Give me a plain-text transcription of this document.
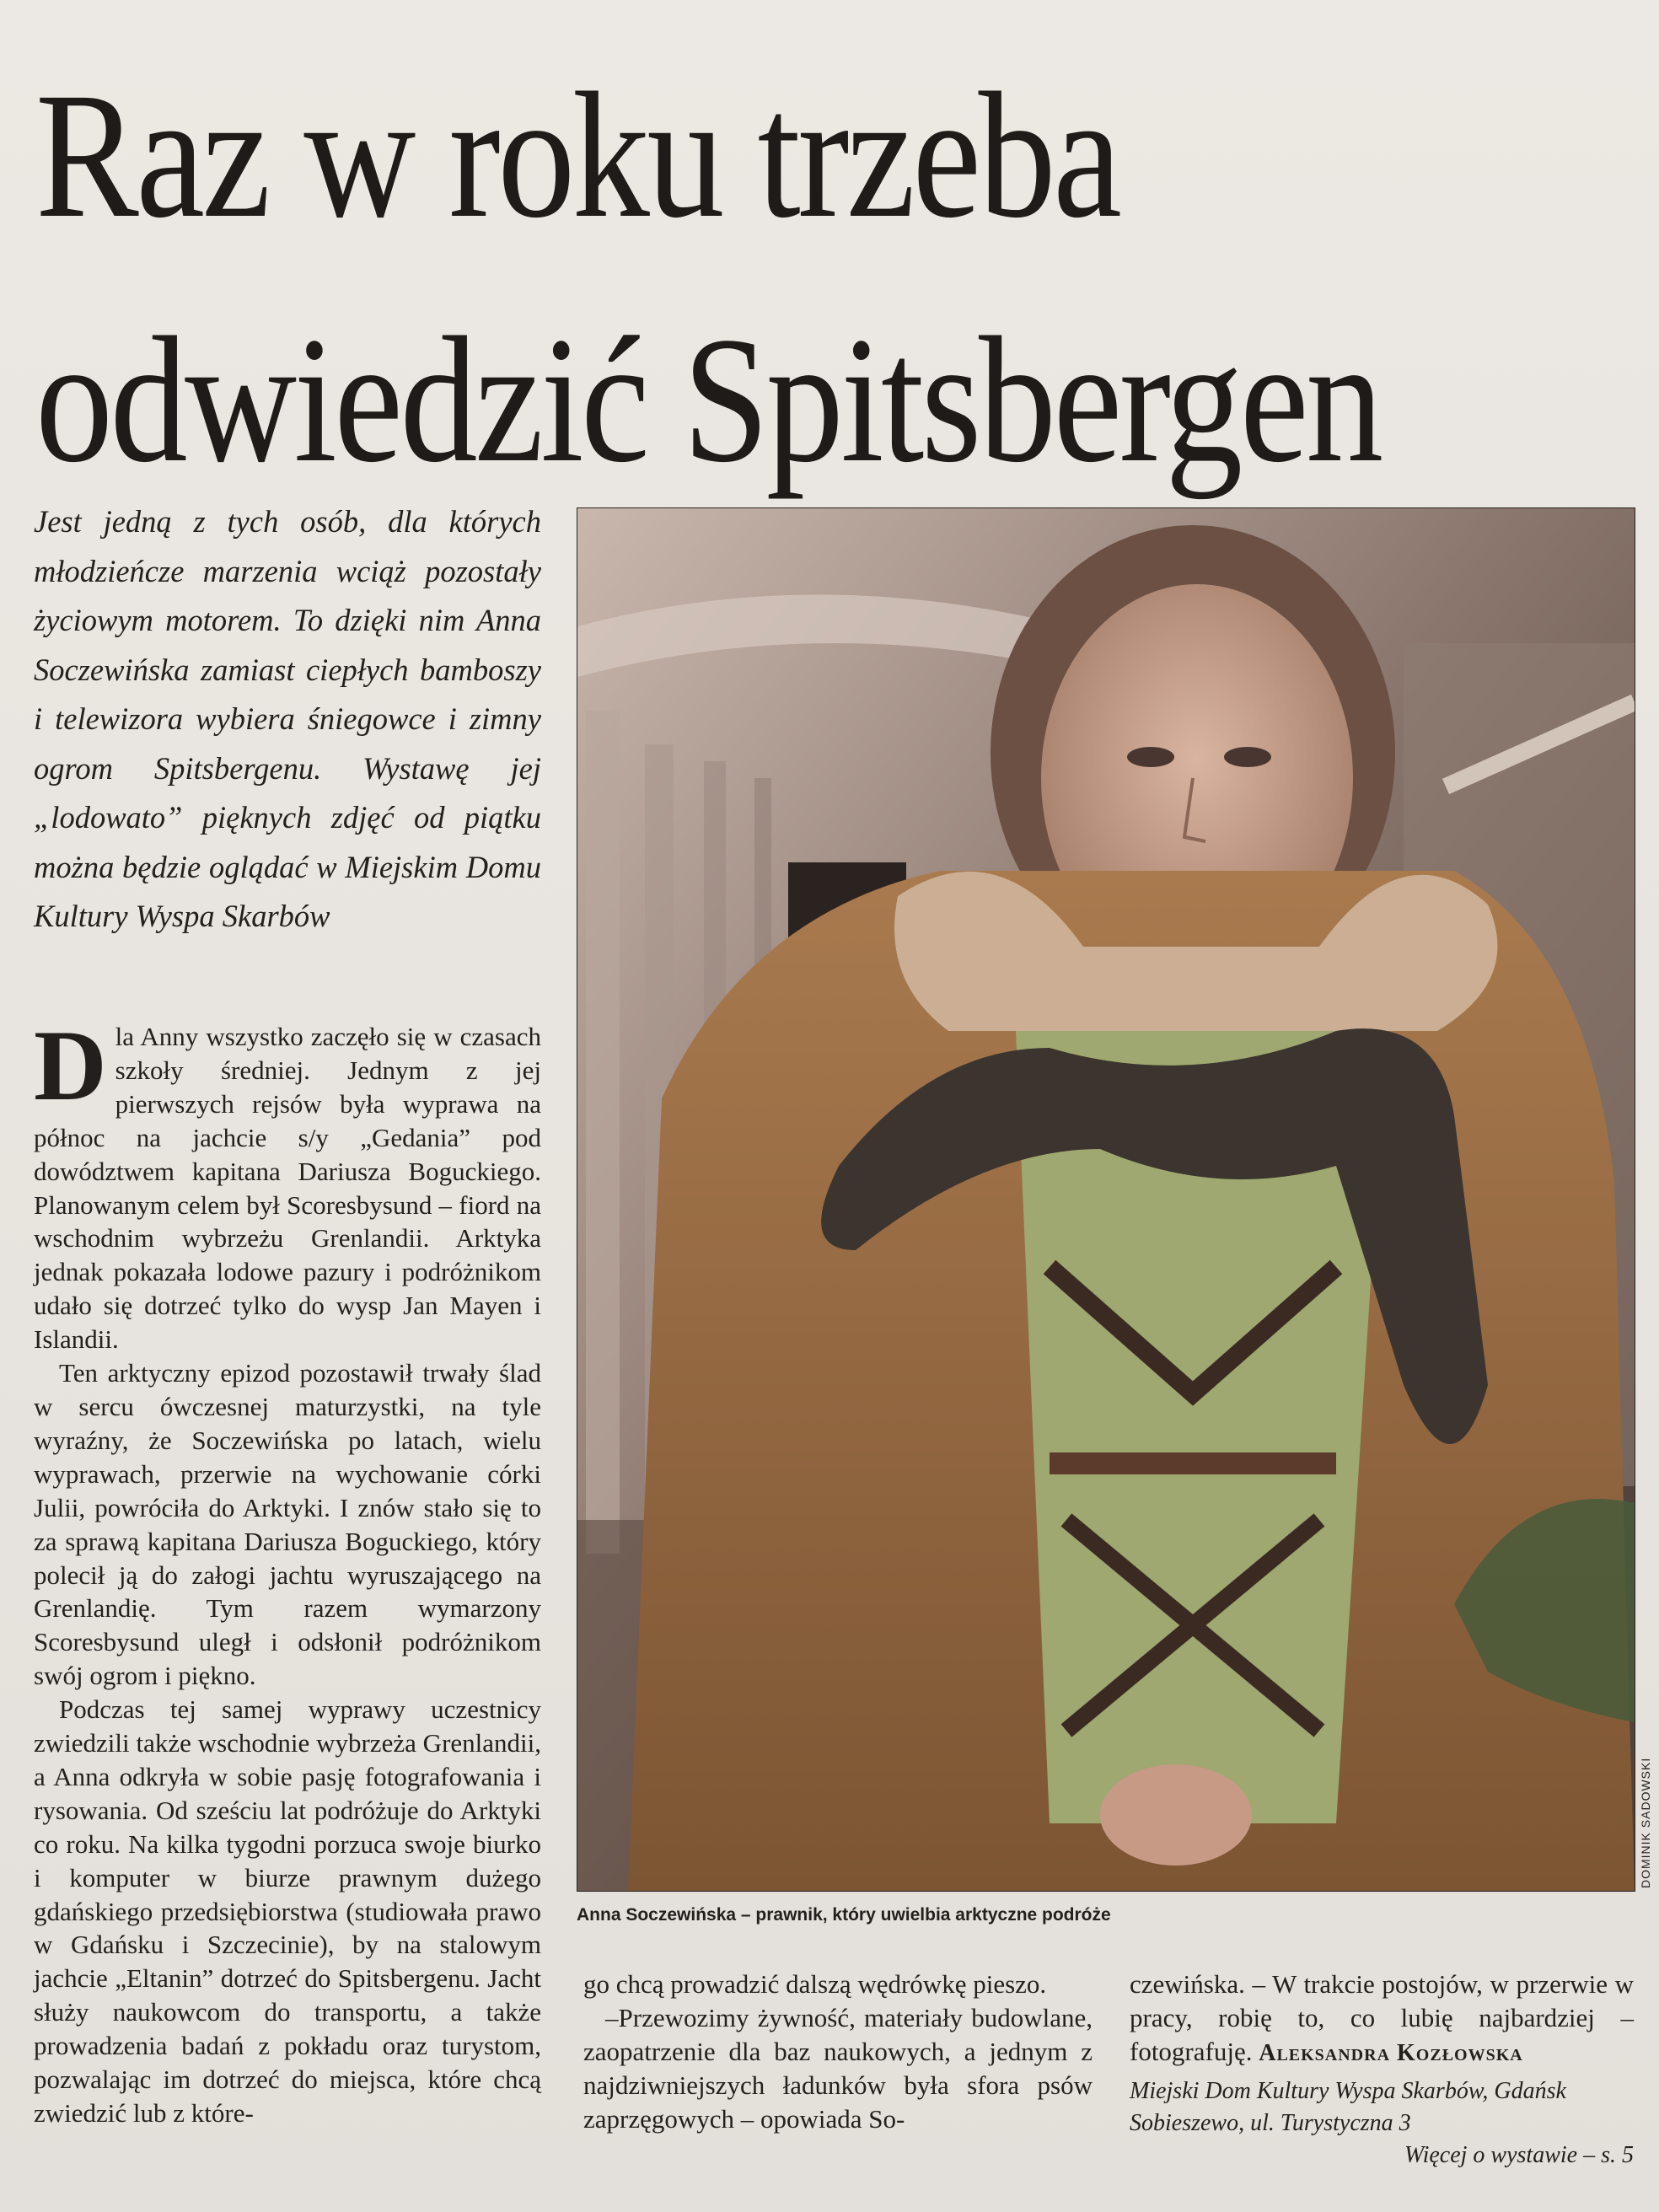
Raz w roku trzeba
odwiedzić Spitsbergen
Jest jedną z tych osób, dla których młodzieńcze marzenia wciąż pozostały życiowym motorem. To dzięki nim Anna Soczewińska zamiast ciepłych bamboszy i telewizora wybiera śniegowce i zimny ogrom Spitsbergenu. Wystawę jej „lodowato” pięknych zdjęć od piątku można będzie oglądać w Miejskim Domu Kultury Wyspa Skarbów

Dla Anny wszystko zaczęło się w czasach szkoły średniej. Jednym z jej pierwszych rejsów była wyprawa na północ na jachcie s/y „Gedania” pod dowództwem kapitana Dariusza Boguckiego. Planowanym celem był Scoresbysund – fiord na wschodnim wybrzeżu Grenlandii. Arktyka jednak pokazała lodowe pazury i podróżnikom udało się dotrzeć tylko do wysp Jan Mayen i Islandii.

Ten arktyczny epizod pozostawił trwały ślad w sercu ówczesnej maturzystki, na tyle wyraźny, że Soczewińska po latach, wielu wyprawach, przerwie na wychowanie córki Julii, powróciła do Arktyki. I znów stało się to za sprawą kapitana Dariusza Boguckiego, który polecił ją do załogi jachtu wyruszającego na Grenlandię. Tym razem wymarzony Scoresbysund uległ i odsłonił podróżnikom swój ogrom i piękno.

Podczas tej samej wyprawy uczestnicy zwiedzili także wschodnie wybrzeża Grenlandii, a Anna odkryła w sobie pasję fotografowania i rysowania. Od sześciu lat podróżuje do Arktyki co roku. Na kilka tygodni porzuca swoje biurko i komputer w biurze prawnym dużego gdańskiego przedsiębiorstwa (studiowała prawo w Gdańsku i Szczecinie), by na stalowym jachcie „Eltanin” dotrzeć do Spitsbergenu. Jacht służy naukowcom do transportu, a także prowadzenia badań z pokładu oraz turystom, pozwalając im dotrzeć do miejsca, które chcą zwiedzić lub z które-

DOMINIK SADOWSKI
Anna Soczewińska – prawnik, który uwielbia arktyczne podróże

go chcą prowadzić dalszą wędrówkę pieszo.

–Przewozimy żywność, materiały budowlane, zaopatrzenie dla baz naukowych, a jednym z najdziwniejszych ładunków była sfora psów zaprzęgowych – opowiada So-

czewińska. – W trakcie postojów, w przerwie w pracy, robię to, co lubię najbardziej – fotografuję. Aleksandra Kozłowska

Miejski Dom Kultury Wyspa Skarbów, Gdańsk Sobieszewo, ul. Turystyczna 3
Więcej o wystawie – s. 5
